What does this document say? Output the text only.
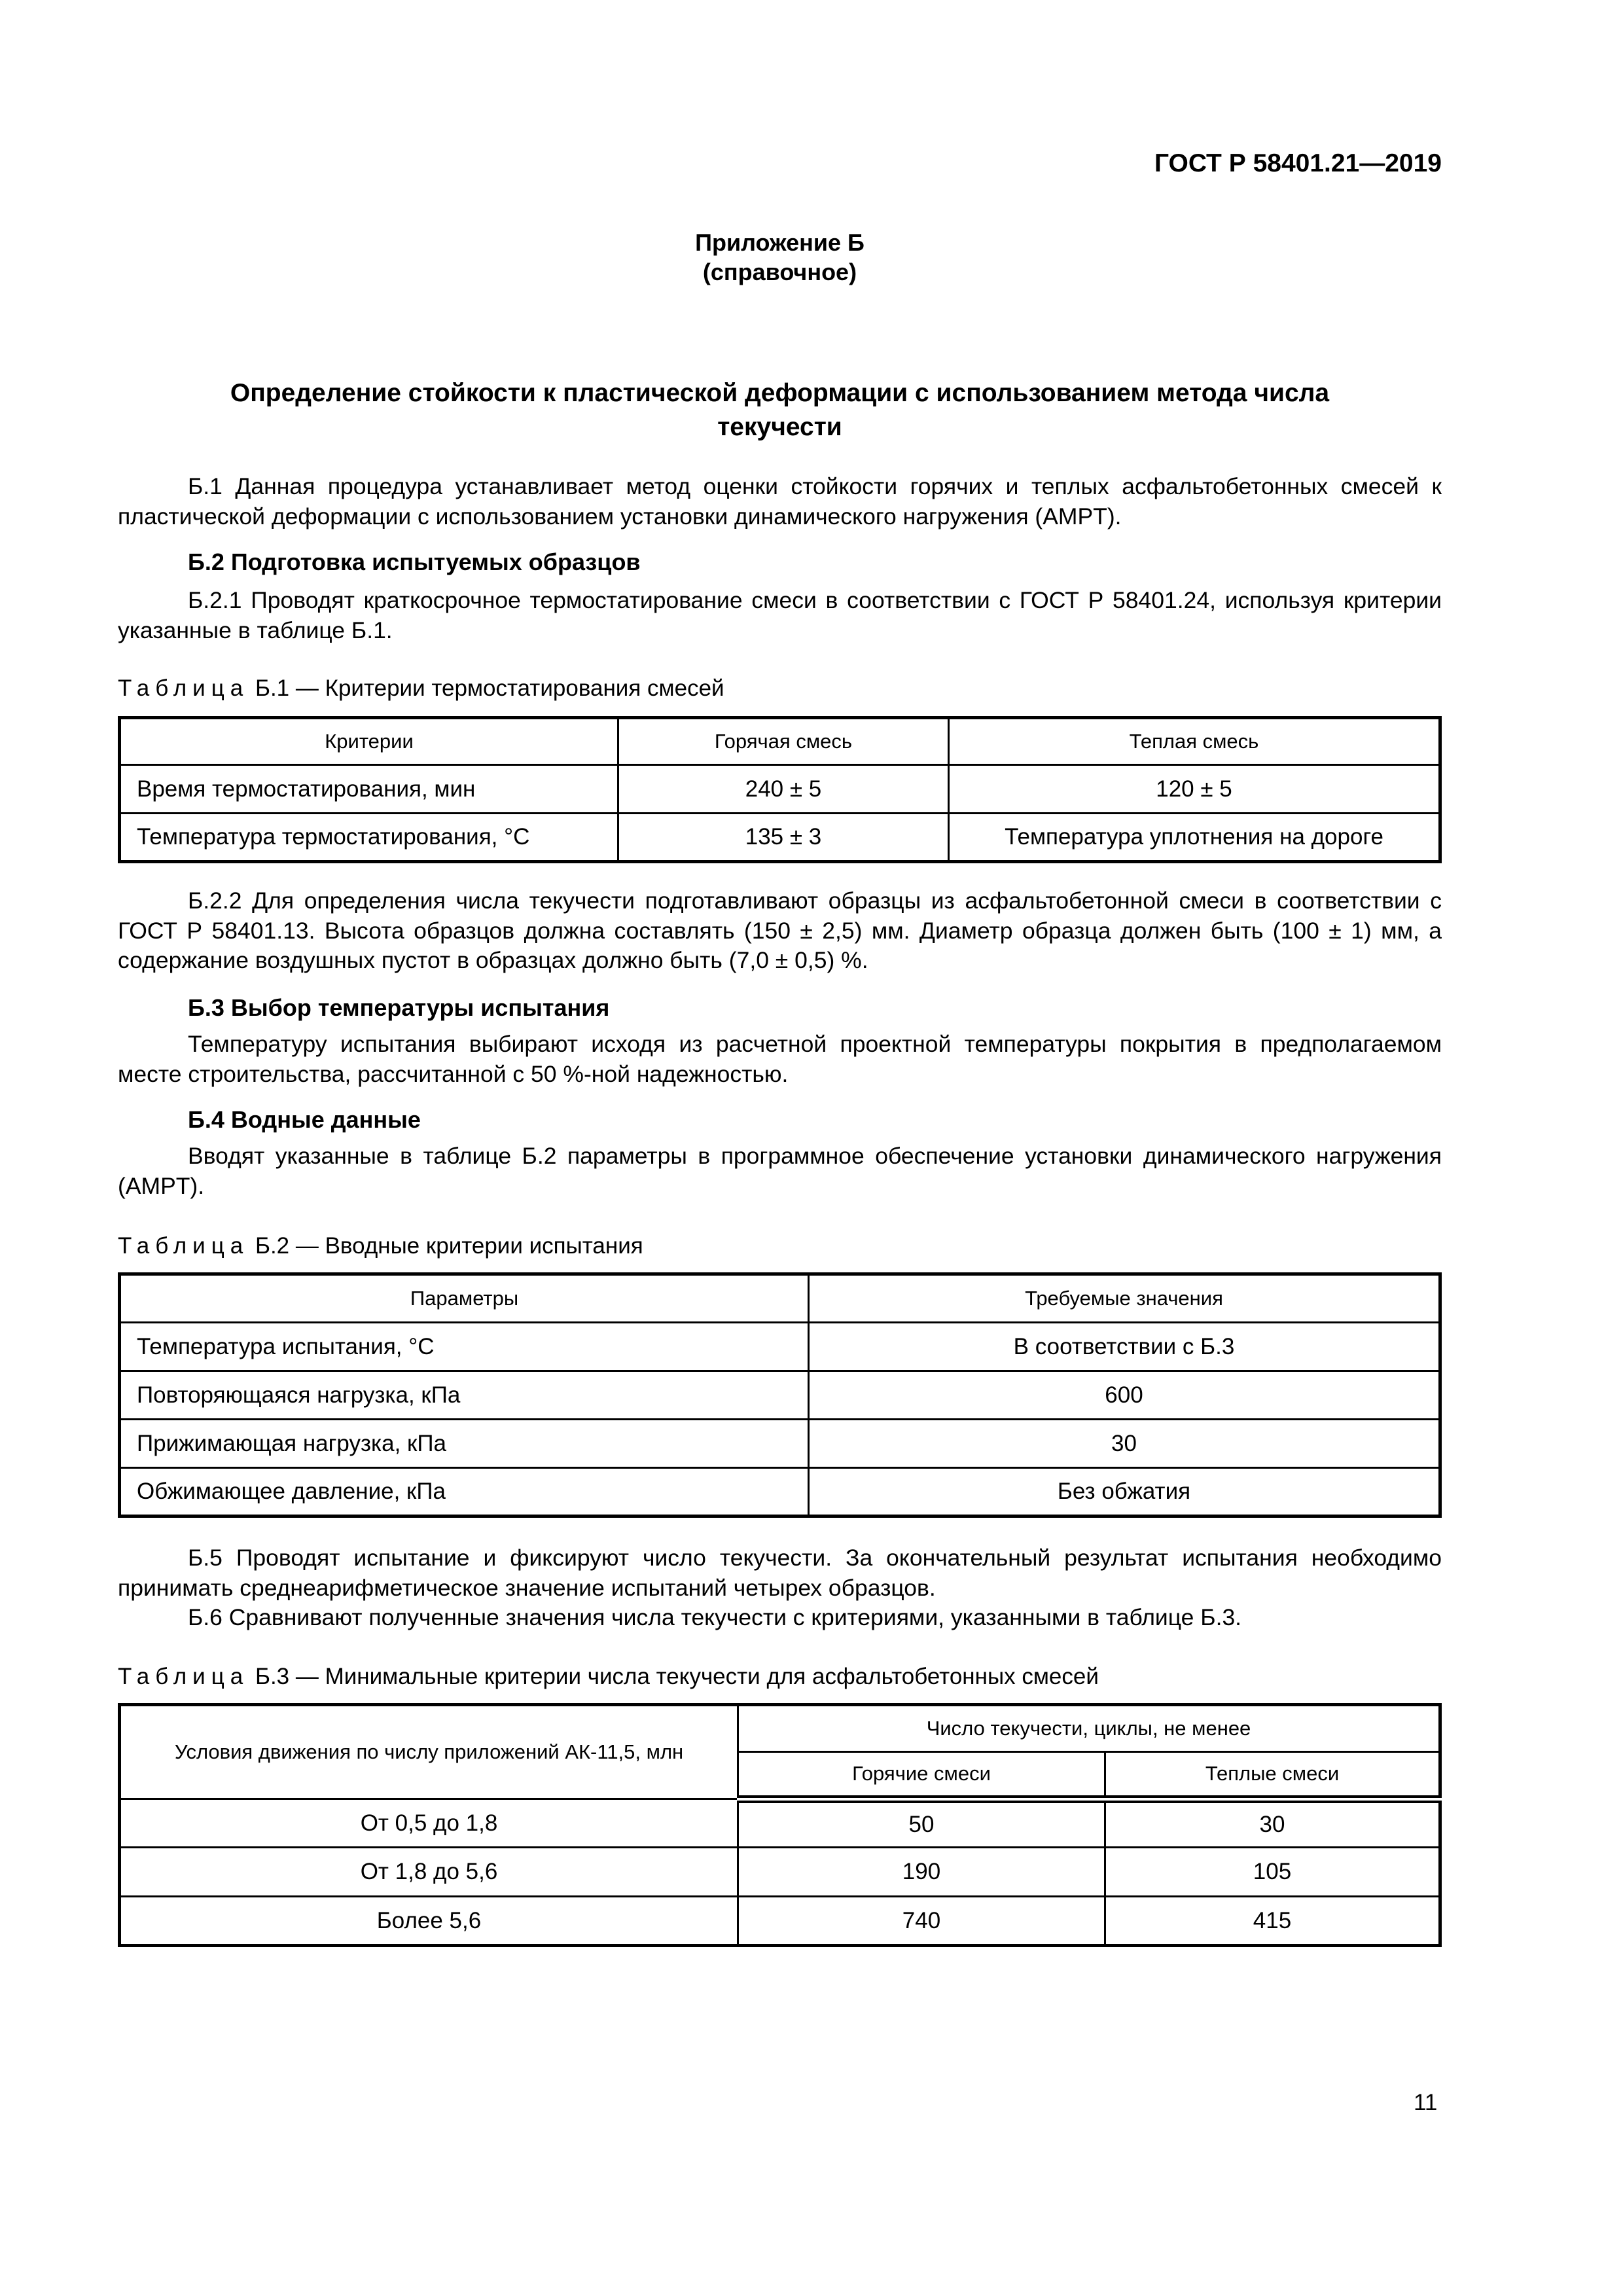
ГОСТ Р 58401.21—2019
Приложение Б
(справочное)
Определение стойкости к пластической деформации с использованием метода числа текучести

Б.1 Данная процедура устанавливает метод оценки стойкости горячих и теплых асфальтобетонных смесей к пластической деформации с использованием установки динамического нагружения (AMPT).

Б.2 Подготовка испытуемых образцов

Б.2.1 Проводят краткосрочное термостатирование смеси в соответствии с ГОСТ Р 58401.24, используя критерии указанные в таблице Б.1.

Таблица Б.1 — Критерии термостатирования смесей
Критерии	Горячая смесь	Теплая смесь
Время термостатирования, мин	240 ± 5	120 ± 5
Температура термостатирования, °С	135 ± 3	Температура уплотнения на дороге

Б.2.2 Для определения числа текучести подготавливают образцы из асфальтобетонной смеси в соответствии с ГОСТ Р 58401.13. Высота образцов должна составлять (150 ± 2,5) мм. Диаметр образца должен быть (100 ± 1) мм, а содержание воздушных пустот в образцах должно быть (7,0 ± 0,5) %.

Б.3 Выбор температуры испытания

Температуру испытания выбирают исходя из расчетной проектной температуры покрытия в предполагаемом месте строительства, рассчитанной с 50 %-ной надежностью.

Б.4 Водные данные

Вводят указанные в таблице Б.2 параметры в программное обеспечение установки динамического нагружения (AMPT).

Таблица Б.2 — Вводные критерии испытания
Параметры	Требуемые значения
Температура испытания, °С	В соответствии с Б.3
Повторяющаяся нагрузка, кПа	600
Прижимающая нагрузка, кПа	30
Обжимающее давление, кПа	Без обжатия

Б.5 Проводят испытание и фиксируют число текучести. За окончательный результат испытания необходимо принимать среднеарифметическое значение испытаний четырех образцов.

Б.6 Сравнивают полученные значения числа текучести с критериями, указанными в таблице Б.3.

Таблица Б.3 — Минимальные критерии числа текучести для асфальтобетонных смесей
Условия движения по числу приложений АК-11,5, млн	Число текучести, циклы, не менее	
	Горячие смеси	Теплые смеси
От 0,5 до 1,8	50	30
От 1,8 до 5,6	190	105
Более 5,6	740	415
11
